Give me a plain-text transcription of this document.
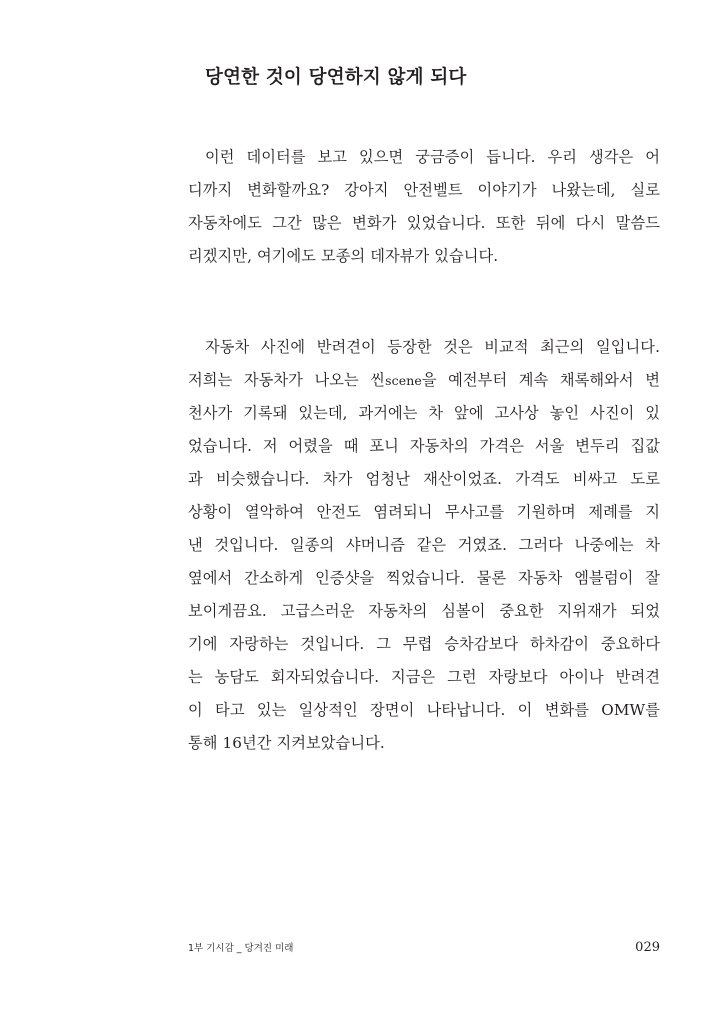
당연한 것이 당연하지 않게 되다
이런 데이터를 보고 있으면 궁금증이 듭니다. 우리 생각은 어
디까지 변화할까요? 강아지 안전벨트 이야기가 나왔는데, 실로
자동차에도 그간 많은 변화가 있었습니다. 또한 뒤에 다시 말씀드
리겠지만, 여기에도 모종의 데자뷰가 있습니다.
자동차 사진에 반려견이 등장한 것은 비교적 최근의 일입니다.
저희는 자동차가 나오는 씬scene을 예전부터 계속 채록해와서 변
천사가 기록돼 있는데, 과거에는 차 앞에 고사상 놓인 사진이 있
었습니다. 저 어렸을 때 포니 자동차의 가격은 서울 변두리 집값
과 비슷했습니다. 차가 엄청난 재산이었죠. 가격도 비싸고 도로
상황이 열악하여 안전도 염려되니 무사고를 기원하며 제례를 지
낸 것입니다. 일종의 샤머니즘 같은 거였죠. 그러다 나중에는 차
옆에서 간소하게 인증샷을 찍었습니다. 물론 자동차 엠블럼이 잘
보이게끔요. 고급스러운 자동차의 심볼이 중요한 지위재가 되었
기에 자랑하는 것입니다. 그 무렵 승차감보다 하차감이 중요하다
는 농담도 회자되었습니다. 지금은 그런 자랑보다 아이나 반려견
이 타고 있는 일상적인 장면이 나타납니다. 이 변화를 OMW를
통해 16년간 지켜보았습니다.
1부 기시감 _ 당겨진 미래	029
